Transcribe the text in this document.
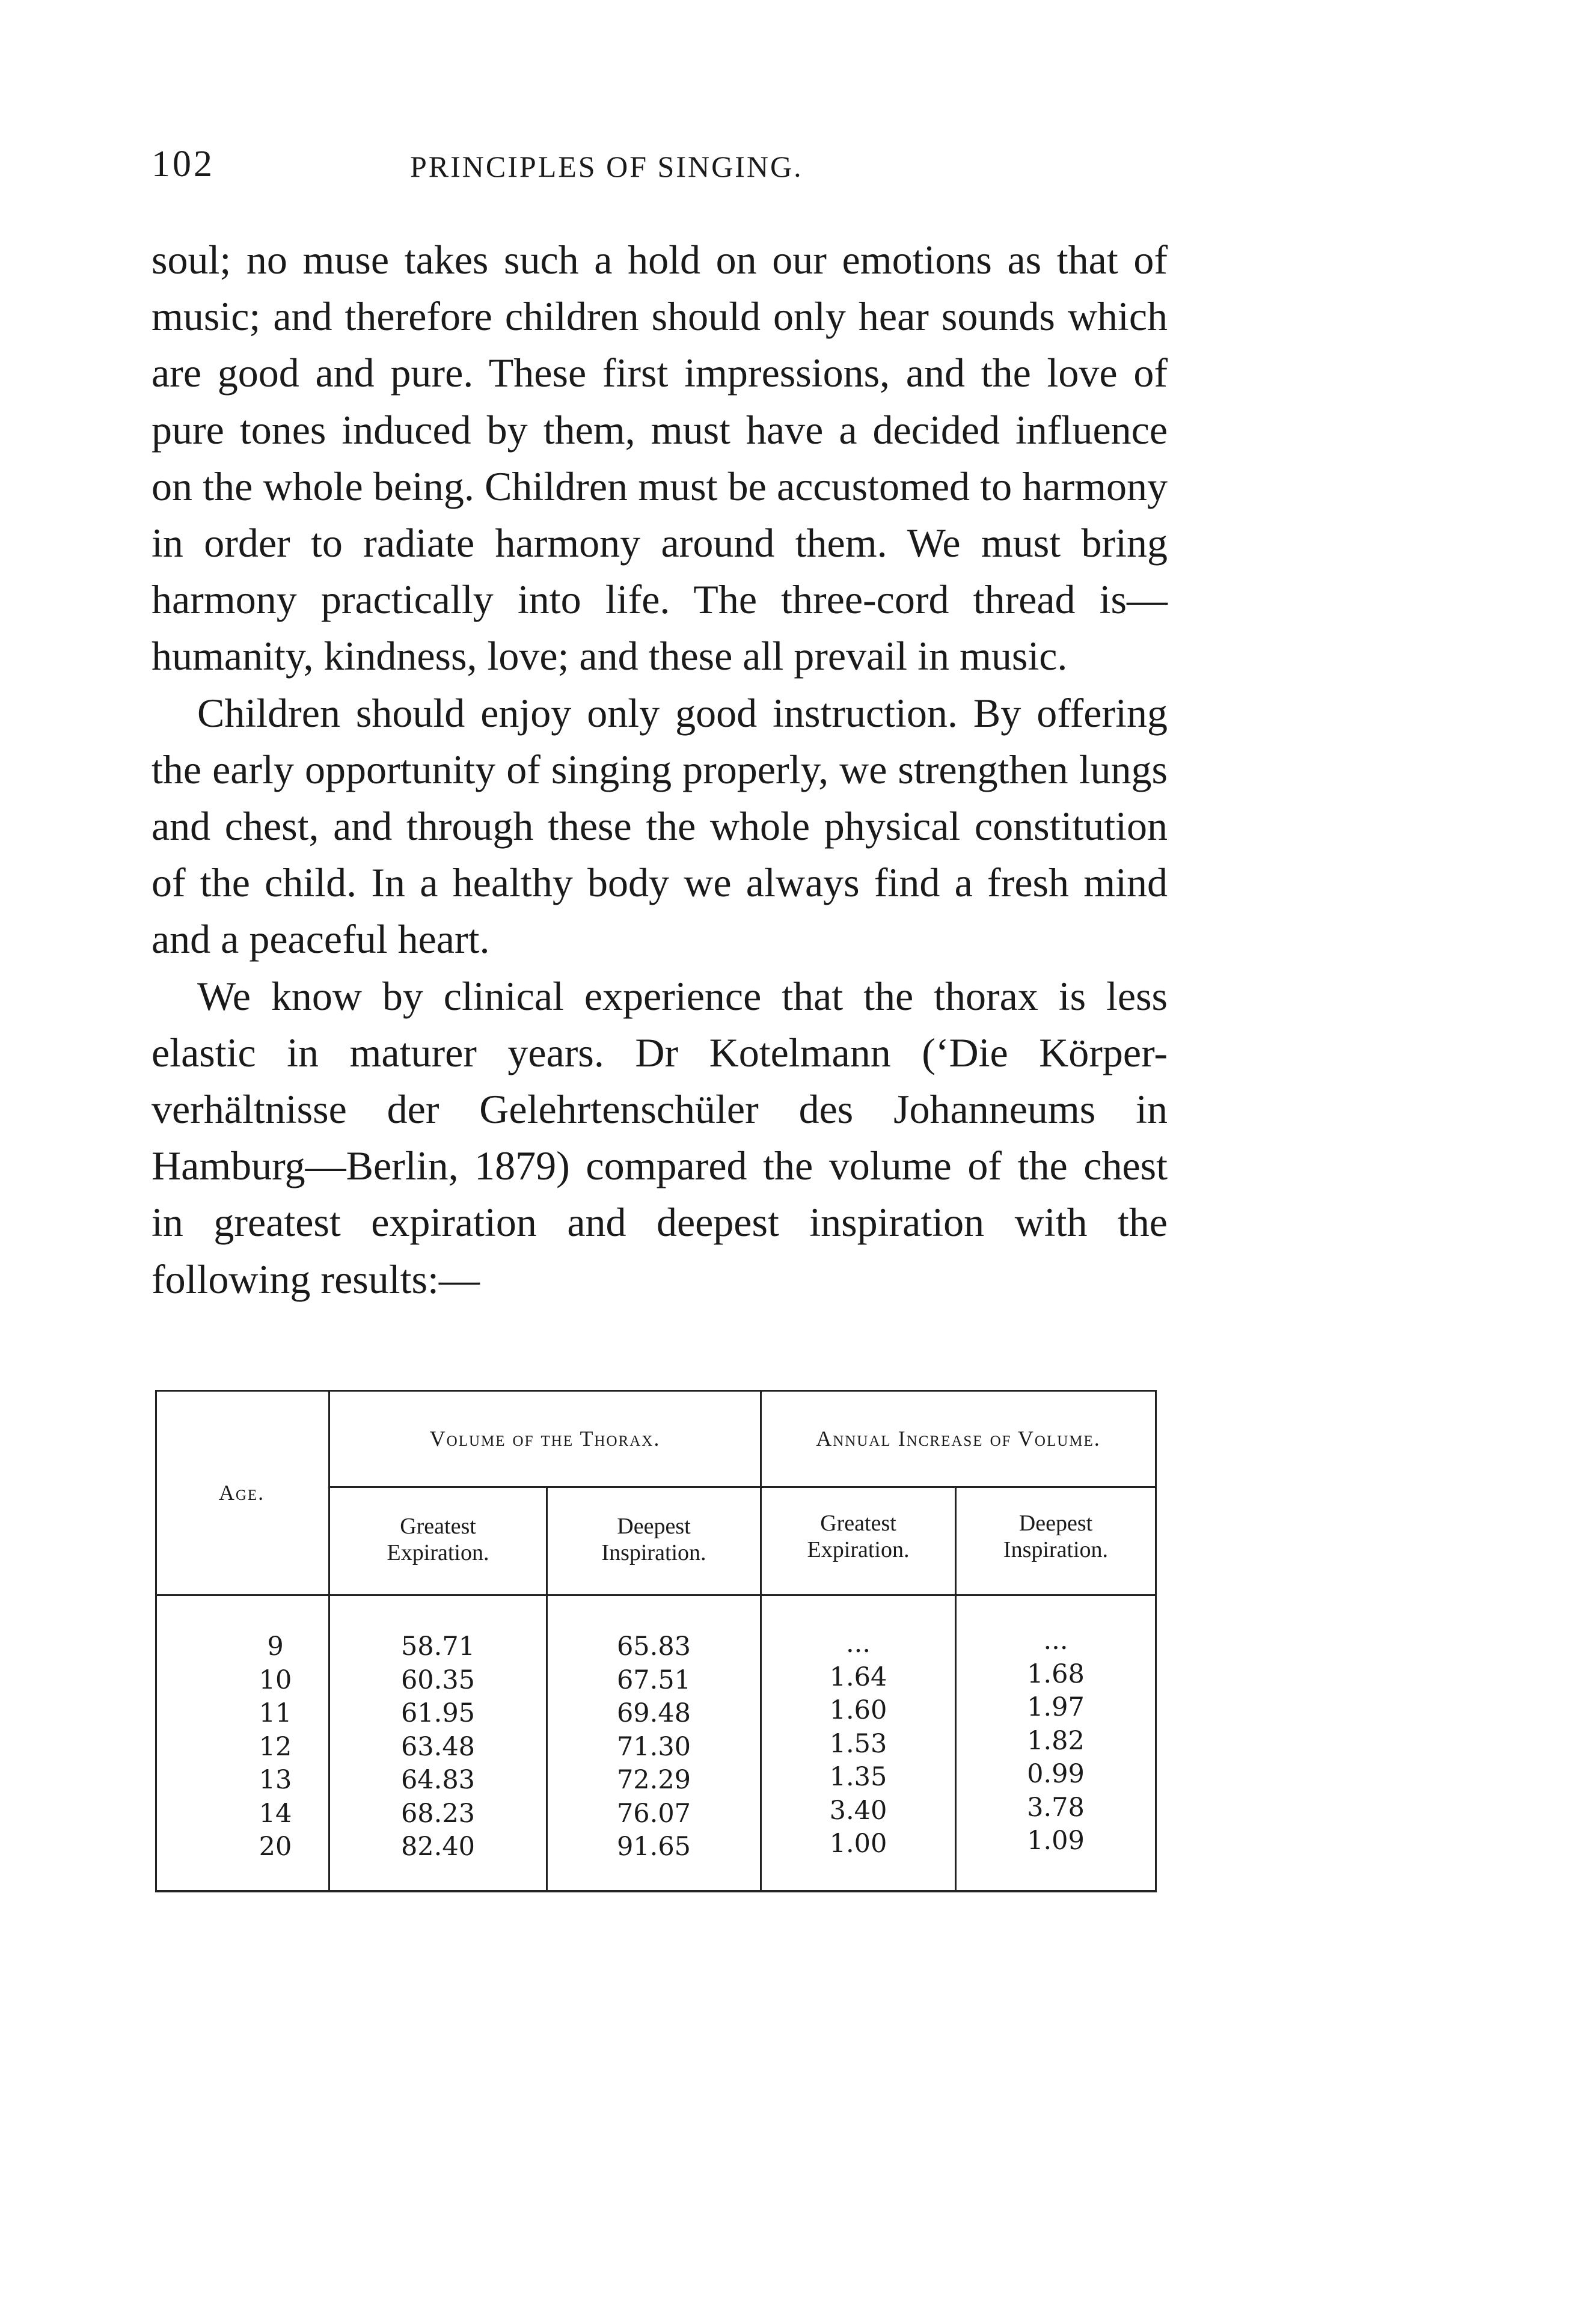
102	PRINCIPLES OF SINGING.

soul; no muse takes such a hold on our emotions as that of music; and therefore children should only hear sounds which are good and pure. These first impressions, and the love of pure tones induced by them, must have a decided influence on the whole being. Children must be accustomed to harmony in order to radiate harmony around them. We must bring harmony practically into life. The three-cord thread is—humanity, kindness, love; and these all prevail in music.

Children should enjoy only good instruction. By offering the early opportunity of singing properly, we strengthen lungs and chest, and through these the whole physical constitution of the child. In a healthy body we always find a fresh mind and a peaceful heart.

We know by clinical experience that the thorax is less elastic in maturer years. Dr Kotelmann (‘Die Körper-verhältnisse der Gelehrtenschüler des Johanneums in Hamburg—Berlin, 1879) compared the volume of the chest in greatest expiration and deepest inspiration with the following results:—

Age.
Volume of the Thorax.	Annual Increase of Volume.
Greatest
Expiration.
Deepest
Inspiration.
Greatest
Expiration.
Deepest
Inspiration.
9
10
11
12
13
14
20
58.71
60.35
61.95
63.48
64.83
68.23
82.40
65.83
67.51
69.48
71.30
72.29
76.07
91.65
...
1.64
1.60
1.53
1.35
3.40
1.00
...
1.68
1.97
1.82
0.99
3.78
1.09
